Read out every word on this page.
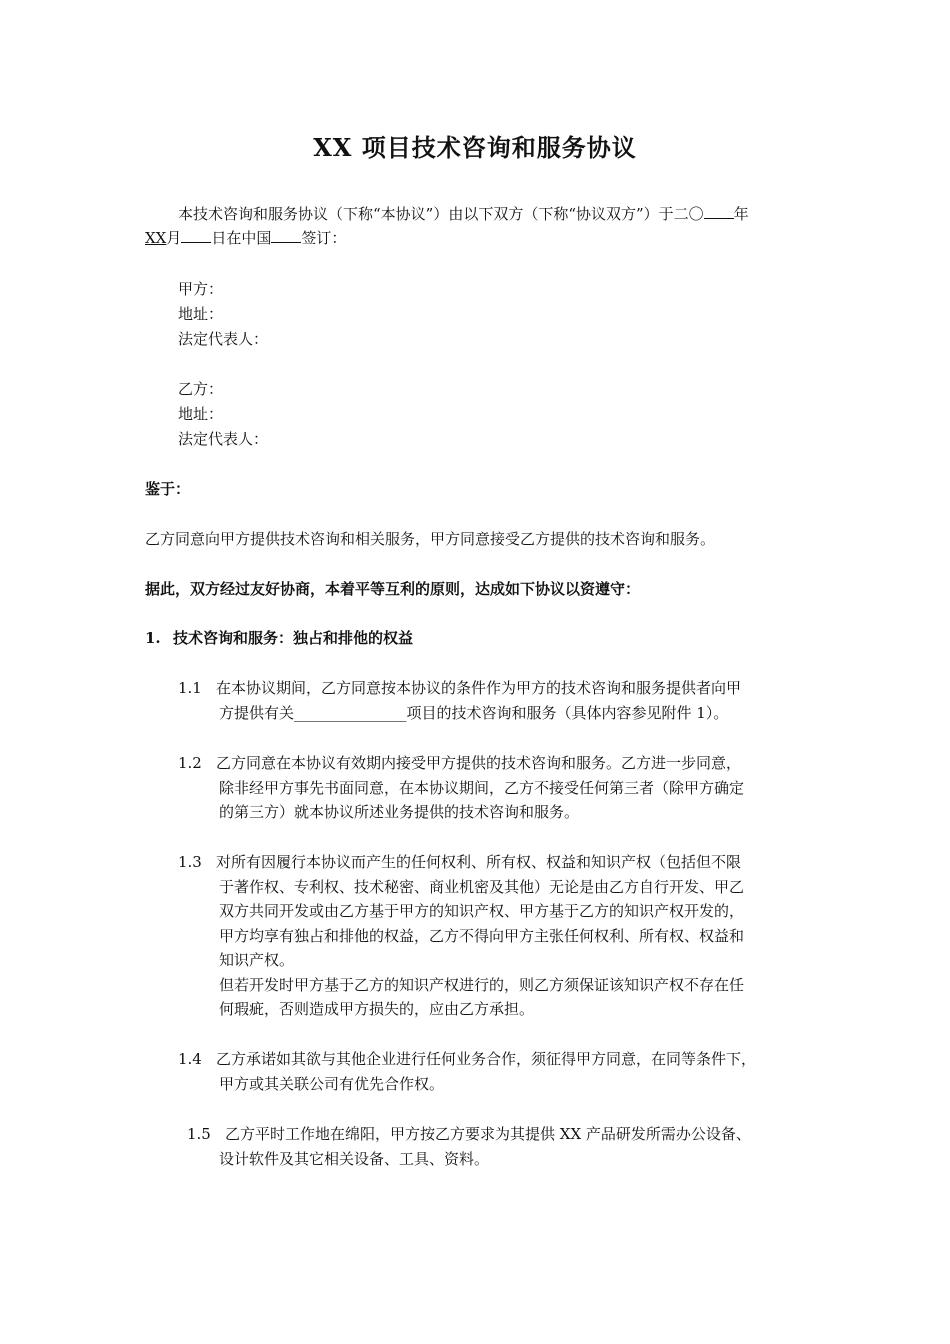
XX 项目技术咨询和服务协议
本技术咨询和服务协议（下称“本协议”）由以下双方（下称“协议双方”）于二〇 年
XX月 日在中国 签订：
甲方：
地址：
法定代表人：
乙方：
地址：
法定代表人：
鉴于：
乙方同意向甲方提供技术咨询和相关服务，甲方同意接受乙方提供的技术咨询和服务。
据此，双方经过友好协商，本着平等互利的原则，达成如下协议以资遵守：
1. 技术咨询和服务：独占和排他的权益
1.1 在本协议期间，乙方同意按本协议的条件作为甲方的技术咨询和服务提供者向甲
方提供有关_______________项目的技术咨询和服务（具体内容参见附件 1）。
1.2 乙方同意在本协议有效期内接受甲方提供的技术咨询和服务。乙方进一步同意，
除非经甲方事先书面同意，在本协议期间，乙方不接受任何第三者（除甲方确定
的第三方）就本协议所述业务提供的技术咨询和服务。
1.3 对所有因履行本协议而产生的任何权利、所有权、权益和知识产权（包括但不限
于著作权、专利权、技术秘密、商业机密及其他）无论是由乙方自行开发、甲乙
双方共同开发或由乙方基于甲方的知识产权、甲方基于乙方的知识产权开发的，
甲方均享有独占和排他的权益，乙方不得向甲方主张任何权利、所有权、权益和
知识产权。
但若开发时甲方基于乙方的知识产权进行的，则乙方须保证该知识产权不存在任
何瑕疵，否则造成甲方损失的，应由乙方承担。
1.4 乙方承诺如其欲与其他企业进行任何业务合作，须征得甲方同意，在同等条件下，
甲方或其关联公司有优先合作权。
1.5 乙方平时工作地在绵阳，甲方按乙方要求为其提供 XX 产品研发所需办公设备、
设计软件及其它相关设备、工具、资料。
